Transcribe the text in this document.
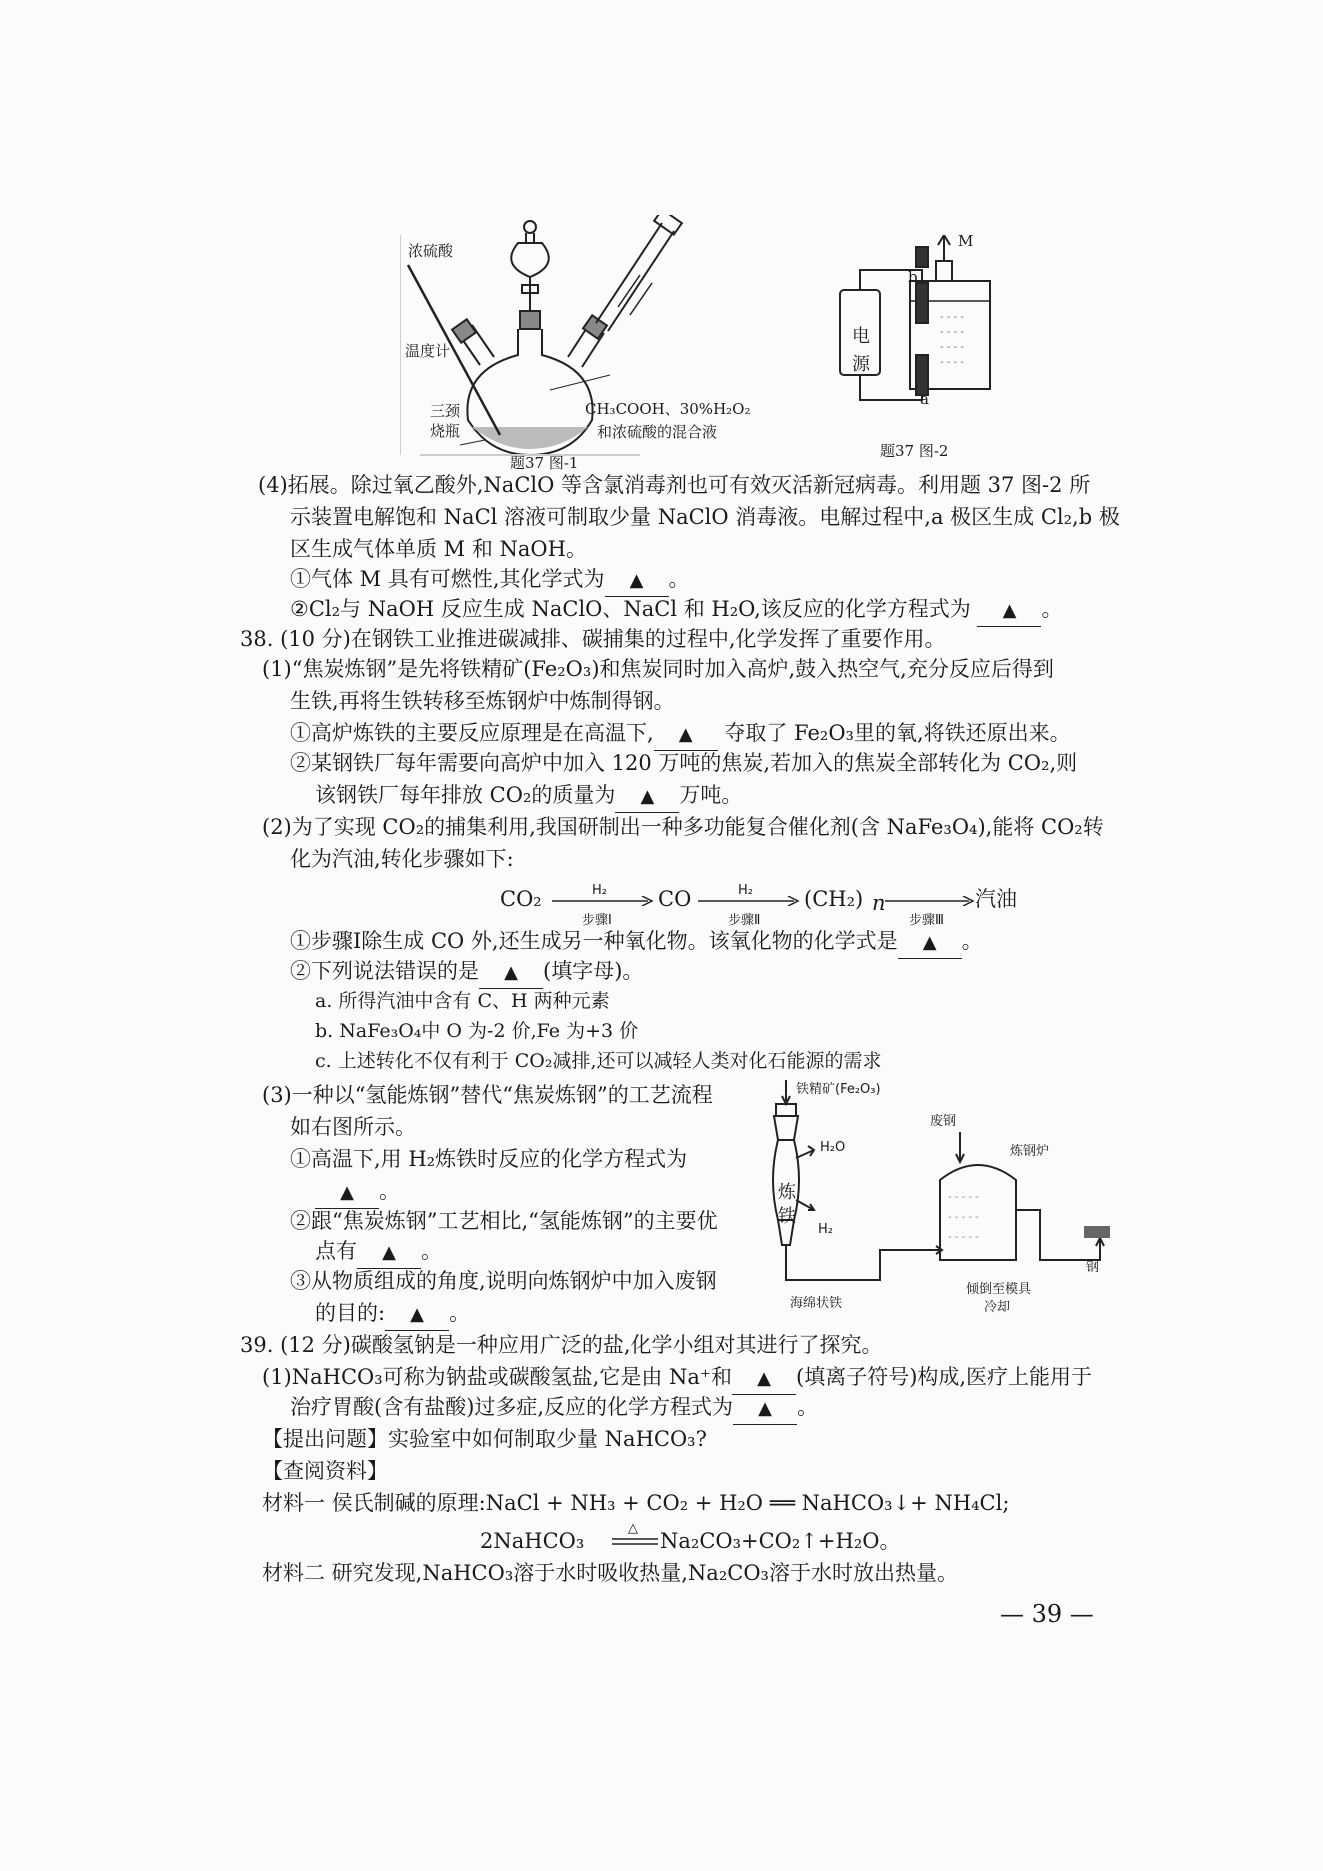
浓硫酸
温度计
三颈
烧瓶
CH₃COOH、30%H₂O₂
和浓硫酸的混合液
题37 图-1
- - - -
- - - -
- - - -
- - - -
电
源
M
b
a
题37 图-2
(4)拓展。除过氧乙酸外,NaClO 等含氯消毒剂也可有效灭活新冠病毒。利用题 37 图-2 所
示装置电解饱和 NaCl 溶液可制取少量 NaClO 消毒液。电解过程中,a 极区生成 Cl₂,b 极
区生成气体单质 M 和 NaOH。
①气体 M 具有可燃性,其化学式为 ▲ 。
②Cl₂与 NaOH 反应生成 NaClO、NaCl 和 H₂O,该反应的化学方程式为 ▲ 。
38. (10 分)在钢铁工业推进碳减排、碳捕集的过程中,化学发挥了重要作用。
(1)“焦炭炼钢”是先将铁精矿(Fe₂O₃)和焦炭同时加入高炉,鼓入热空气,充分反应后得到
生铁,再将生铁转移至炼钢炉中炼制得钢。
①高炉炼铁的主要反应原理是在高温下, ▲ 夺取了 Fe₂O₃里的氧,将铁还原出来。
②某钢铁厂每年需要向高炉中加入 120 万吨的焦炭,若加入的焦炭全部转化为 CO₂,则
该钢铁厂每年排放 CO₂的质量为 ▲ 万吨。
(2)为了实现 CO₂的捕集利用,我国研制出一种多功能复合催化剂(含 NaFe₃O₄),能将 CO₂转
化为汽油,转化步骤如下:
CO₂	H₂
步骤Ⅰ
CO	H₂
步骤Ⅱ
(CH₂) n
步骤Ⅲ
汽油
①步骤Ⅰ除生成 CO 外,还生成另一种氧化物。该氧化物的化学式是 ▲ 。
②下列说法错误的是 ▲ (填字母)。
a. 所得汽油中含有 C、H 两种元素
b. NaFe₃O₄中 O 为-2 价,Fe 为+3 价
c. 上述转化不仅有利于 CO₂减排,还可以减轻人类对化石能源的需求
(3)一种以“氢能炼钢”替代“焦炭炼钢”的工艺流程
如右图所示。
①高温下,用 H₂炼铁时反应的化学方程式为
▲ 。
②跟“焦炭炼钢”工艺相比,“氢能炼钢”的主要优
点有 ▲ 。
③从物质组成的角度,说明向炼钢炉中加入废钢
的目的: ▲ 。
- - - - -
- - - - -
- - - - -
铁精矿(Fe₂O₃)
H₂O
炼
铁
H₂
海绵状铁
废钢
炼钢炉
倾倒至模具
冷却
钢
39. (12 分)碳酸氢钠是一种应用广泛的盐,化学小组对其进行了探究。
(1)NaHCO₃可称为钠盐或碳酸氢盐,它是由 Na⁺和 ▲ (填离子符号)构成,医疗上能用于
治疗胃酸(含有盐酸)过多症,反应的化学方程式为 ▲ 。
【提出问题】实验室中如何制取少量 NaHCO₃?
【查阅资料】
材料一 侯氏制碱的原理:NaCl + NH₃ + CO₂ + H₂O ══ NaHCO₃↓+ NH₄Cl;
2NaHCO₃
△
Na₂CO₃+CO₂↑+H₂O。
材料二 研究发现,NaHCO₃溶于水时吸收热量,Na₂CO₃溶于水时放出热量。
— 39 —
